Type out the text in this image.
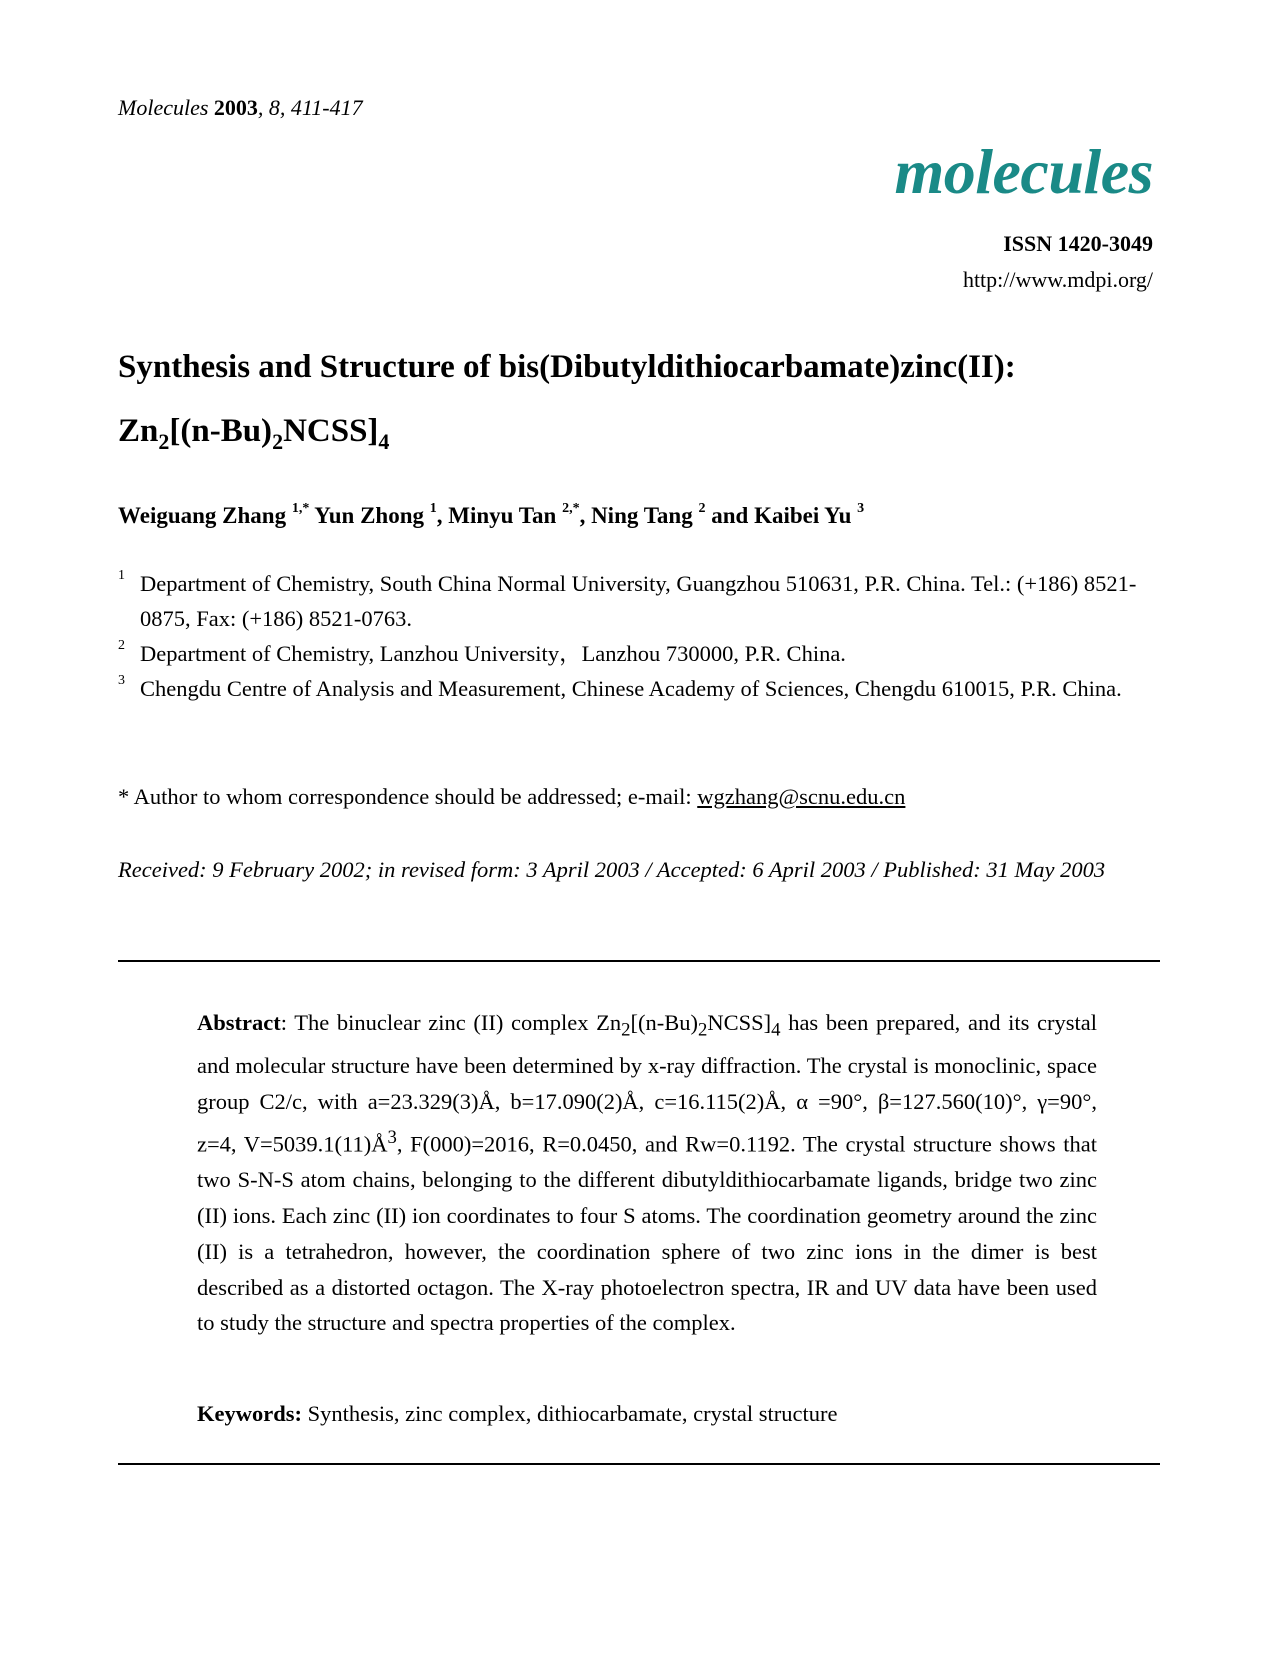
Molecules 2003, 8, 411-417
molecules
ISSN 1420-3049
http://www.mdpi.org/
Synthesis and Structure of bis(Dibutyldithiocarbamate)zinc(II):
$Zn_2[(n-Bu)_2NCSS]_4$
Weiguang Zhang $^{1,*}$ Yun Zhong $^1$, Minyu Tan $^{2,*}$, Ning Tang $^2$ and Kaibei Yu $^3$
1 Department of Chemistry, South China Normal University, Guangzhou 510631, P.R. China. Tel.: (+186) 8521-0875, Fax: (+186) 8521-0763.
2 Department of Chemistry, Lanzhou University，Lanzhou 730000, P.R. China.
3 Chengdu Centre of Analysis and Measurement, Chinese Academy of Sciences, Chengdu 610015, P.R. China.
* Author to whom correspondence should be addressed; e-mail: wgzhang@scnu.edu.cn
Received: 9 February 2002; in revised form: 3 April 2003 / Accepted: 6 April 2003 / Published: 31 May 2003
Abstract: The binuclear zinc (II) complex $Zn_2[(n-Bu)_2NCSS]_4$ has been prepared, and its crystal and molecular structure have been determined by x-ray diffraction. The crystal is monoclinic, space group C2/c, with a=23.329(3)Å, b=17.090(2)Å, c=16.115(2)Å, α =90°, β=127.560(10)°, γ=90°, z=4, $V=5039.1(11)Å^3$, F(000)=2016, R=0.0450, and Rw=0.1192. The crystal structure shows that two S-N-S atom chains, belonging to the different dibutyldithiocarbamate ligands, bridge two zinc (II) ions. Each zinc (II) ion coordinates to four S atoms. The coordination geometry around the zinc (II) is a tetrahedron, however, the coordination sphere of two zinc ions in the dimer is best described as a distorted octagon. The X-ray photoelectron spectra, IR and UV data have been used to study the structure and spectra properties of the complex.
Keywords: Synthesis, zinc complex, dithiocarbamate, crystal structure
